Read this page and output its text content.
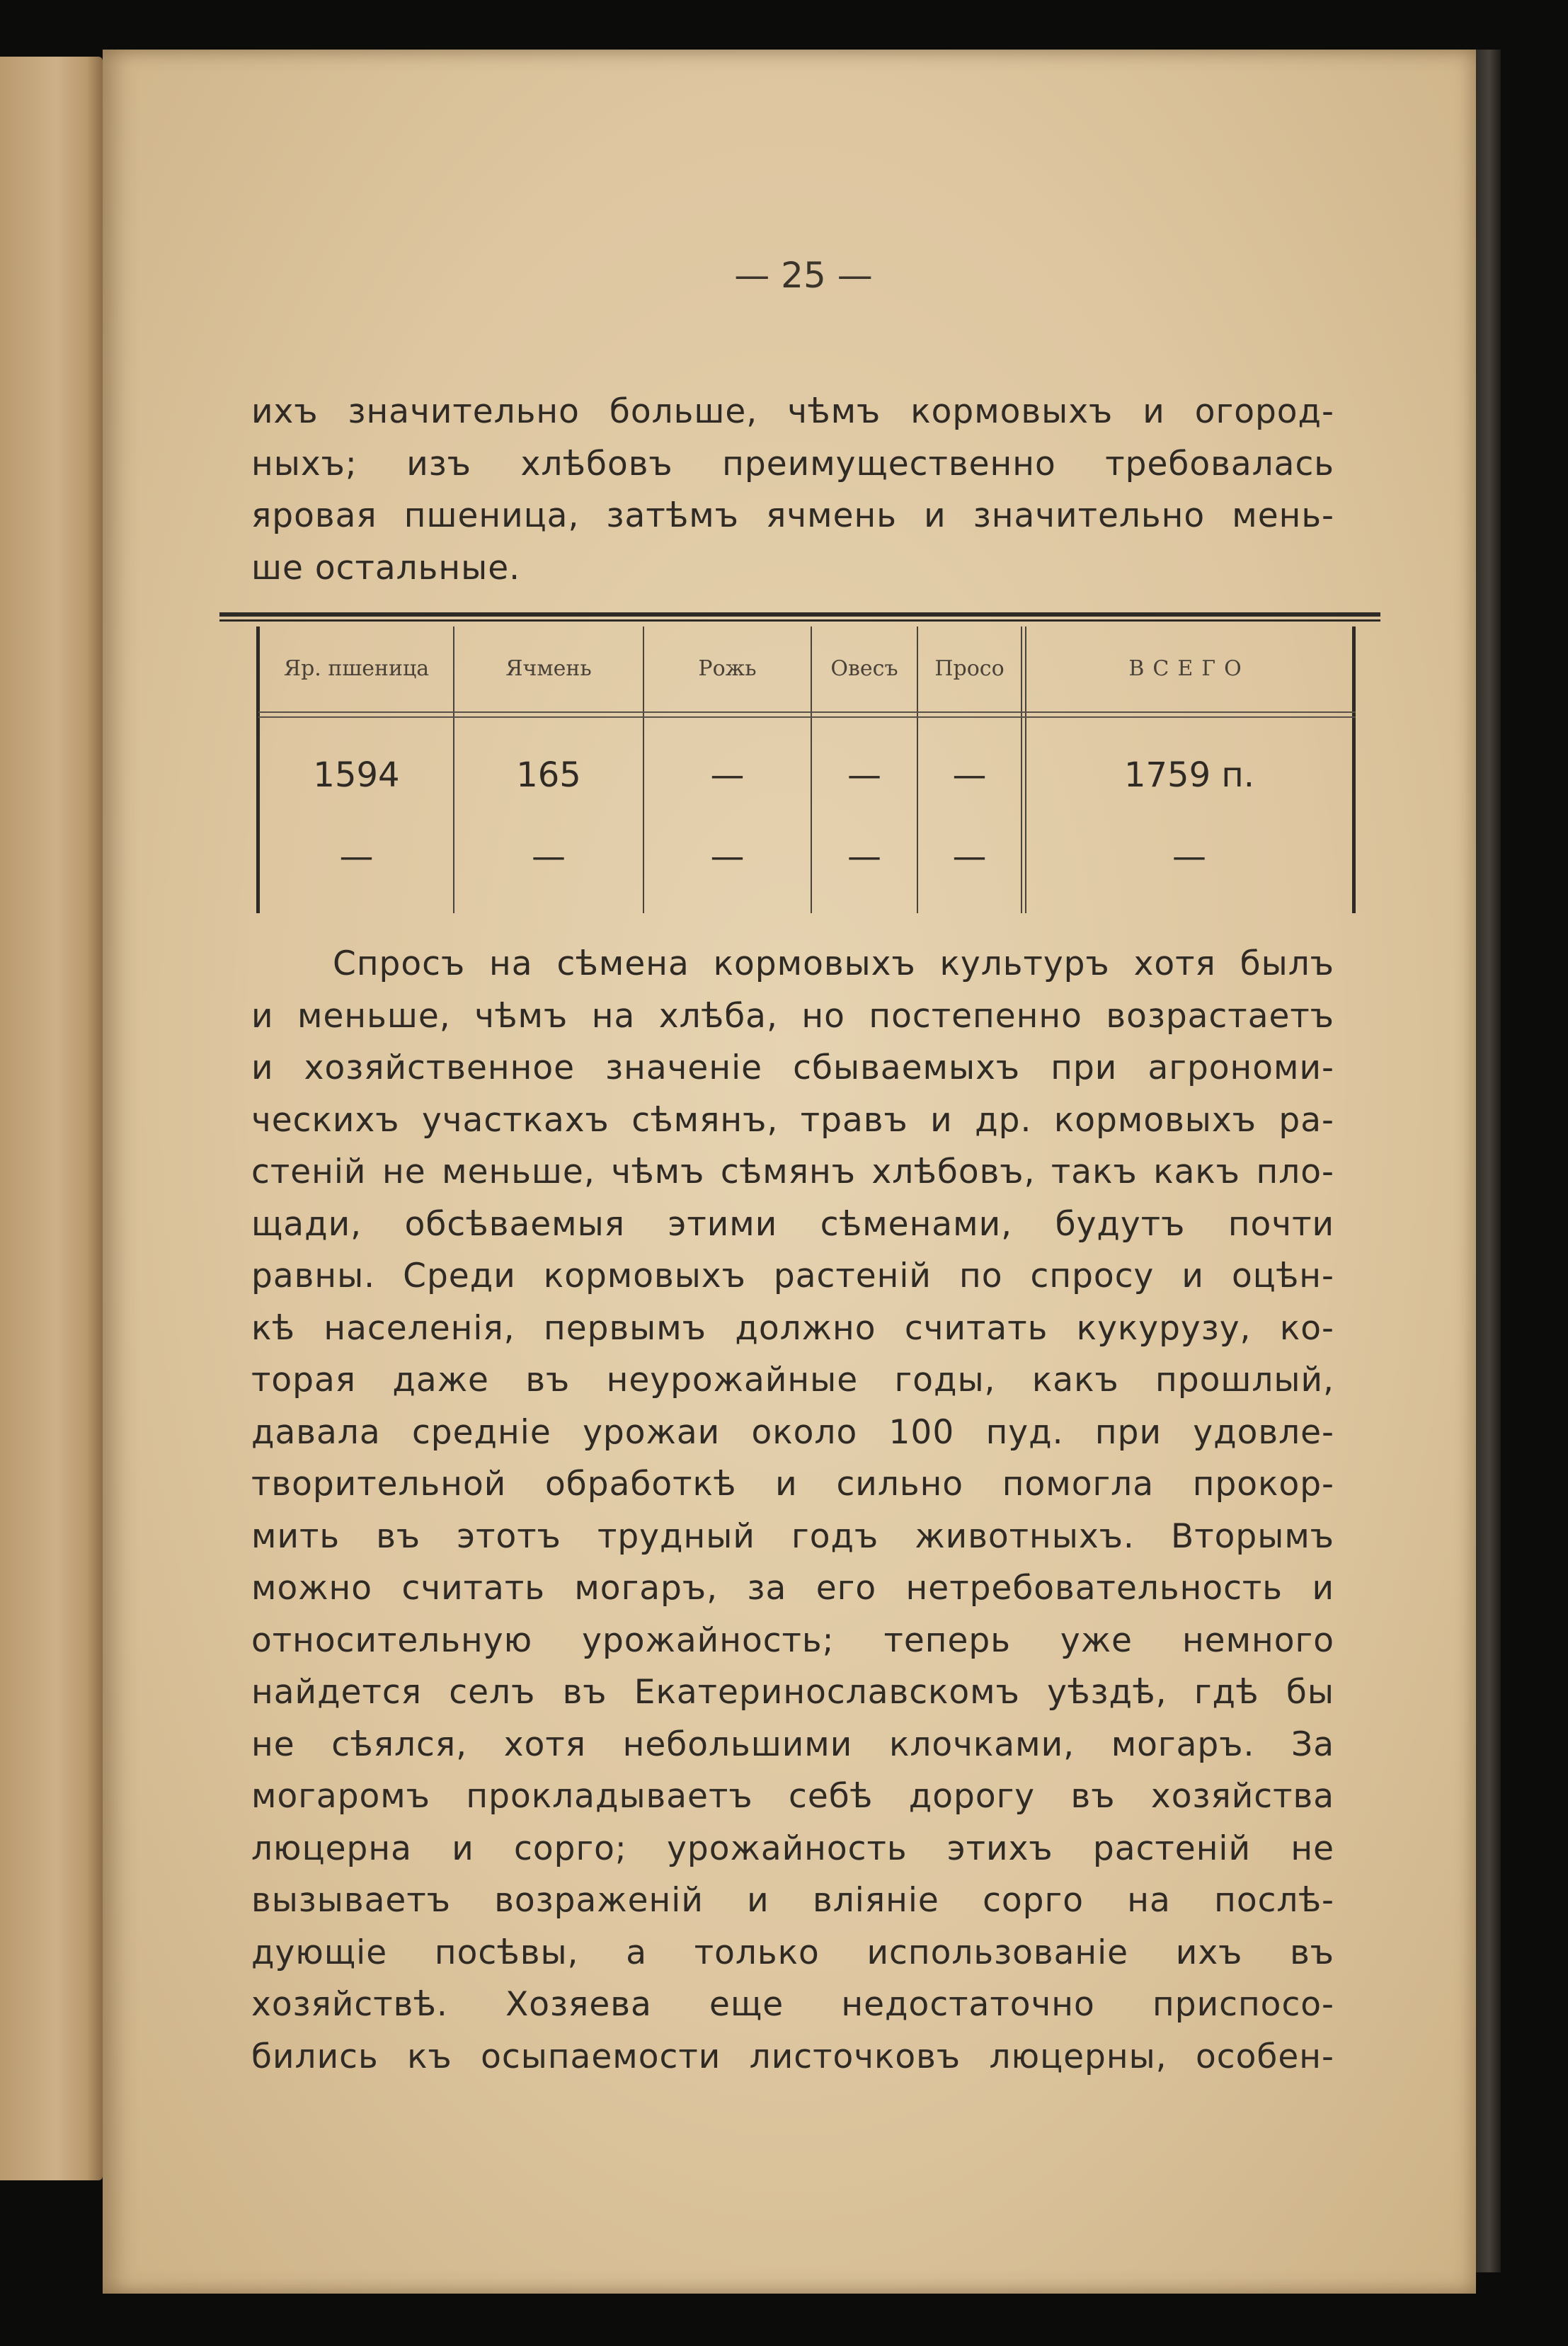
— 25 —
ихъ значительно больше, чѣмъ кормовыхъ и огород-
ныхъ; изъ хлѣбовъ преимущественно требовалась
яровая пшеница, затѣмъ ячмень и значительно мень-
ше остальные.
Яр. пшеница	Ячмень	Рожь	Овесъ	Просо	ВСЕГО
1594	165	—	—	—	1759 п.
—	—	—	—	—	—
Спросъ на сѣмена кормовыхъ культуръ хотя былъ
и меньше, чѣмъ на хлѣба, но постепенно возрастаетъ
и хозяйственное значенiе сбываемыхъ при агрономи-
ческихъ участкахъ сѣмянъ, травъ и др. кормовыхъ ра-
стенiй не меньше, чѣмъ сѣмянъ хлѣбовъ, такъ какъ пло-
щади, обсѣваемыя этими сѣменами, будутъ почти
равны. Среди кормовыхъ растенiй по спросу и оцѣн-
кѣ населенiя, первымъ должно считать кукурузу, ко-
торая даже въ неурожайные годы, какъ прошлый,
давала среднiе урожаи около 100 пуд. при удовле-
творительной обработкѣ и сильно помогла прокор-
мить въ этотъ трудный годъ животныхъ. Вторымъ
можно считать могаръ, за его нетребовательность и
относительную урожайность; теперь уже немного
найдется селъ въ Екатеринославскомъ уѣздѣ, гдѣ бы
не сѣялся, хотя небольшими клочками, могаръ. За
могаромъ прокладываетъ себѣ дорогу въ хозяйства
люцерна и сорго; урожайность этихъ растенiй не
вызываетъ возраженiй и влiянiе сорго на послѣ-
дующiе посѣвы, а только использованiе ихъ въ
хозяйствѣ. Хозяева еще недостаточно приспосо-
бились къ осыпаемости листочковъ люцерны, особен-
